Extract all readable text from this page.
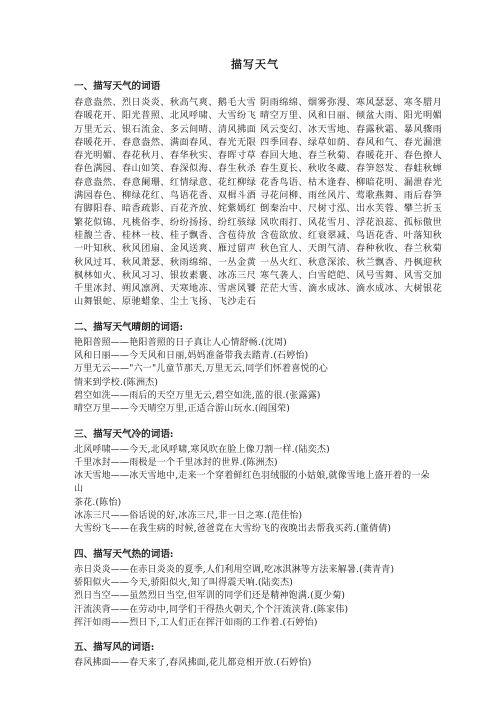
描写天气
一、描写天气的词语
春意盎然、烈日炎炎、秋高气爽、鹅毛大雪
春暖花开、阳光普照、北风呼啸、大雪纷飞
万里无云、银石流金、多云间晴、清风拂面
春暖花开、春意盎然、满面春风、春光无限
春光明媚、春花秋月、春华秋实、春晖寸草
春色满园、春山如笑、春深似海、春生秋杀
春意盎然、春意阑珊、红情绿意、花红柳绿
满园春色、柳绿花红、鸟语花香、双楫斗酒
有脚阳春、暗香疏影、百花齐放、姹紫嫣红
繁花似锦、凡桃俗李、纷纷扬扬、纷红骇绿
桂馥兰香、桂林一枝、桂子飘香、含苞待放
一叶知秋、秋风团扇、金风送爽、雁过留声
秋风过耳、秋风萧瑟、秋雨绵绵、一丛金黄
枫林如火、秋风习习、银妆素裹、冰冻三尺
千里冰封、朔风凛冽、天寒地冻、雪虐风饕
山舞银蛇、原驰蜡象、尘土飞扬、飞沙走石
阴雨绵绵、烟雾弥漫、寒风瑟瑟、寒冬腊月
晴空万里、风和日丽、倾盆大雨、阳光明媚
风云变幻、冰天雪地、春露秋霜、暴风骤雨
四季回春、绿草如荫、春风和气、春光漏泄
春回大地、春兰秋菊、春暖花开、春色撩人
春生夏长、秋收冬藏、春笋怒发、春蛙秋蝉
花香鸟语、枯木逢春、柳暗花明、漏泄春光
寻花问柳、雨丝风片、莺歌燕舞、雨后春笋
倒秦治中、尺树寸泓、出水芙蓉、攀兰折玉
风吹雨打、风花雪月、浮花浪蕊、孤标傲世
含苞欲放、红衰翠减、鸟语花香、叶落知秋
秋色宜人、天朗气清、春种秋收、春兰秋菊
一丛火红、秋意深浓、秋兰飘香、丹枫迎秋
寒气袭人、白雪皑皑、风号雪舞、风雪交加
茫茫大雪、滴水成冰、滴水成冰、大树银花
二、描写天气晴朗的词语:
艳阳普照——艳阳普照的日子真让人心情舒畅.(沈周)
风和日丽——今天风和日丽,妈妈准备带我去踏青.(石婷怡)
万里无云——"六一"儿童节那天,万里无云,同学们怀着喜悦的心
情来到学校.(陈洲杰)
碧空如洗——雨后的天空万里无云,碧空如洗,蓝的很.(张露露)
晴空万里——今天晴空万里,正适合游山玩水.(阎国荣)
三、描写天气冷的词语:
北风呼啸——今天,北风呼啸,寒风吹在脸上像刀割一样.(陆奕杰)
千里冰封——雨极是一个千里冰封的世界.(陈洲杰)
冰天雪地——冰天雪地中,走来一个穿着鲜红色羽绒服的小姑娘,就像雪地上盛开着的一朵山
茶花.(陈怡)
冰冻三尺——俗话说的好,冰冻三尺,非一日之寒.(范佳怡)
大雪纷飞——在我生病的时候,爸爸竟在大雪纷飞的夜晚出去帮我买药.(董倩倩)
四、描写天气热的词语:
赤日炎炎——在赤日炎炎的夏季,人们利用空调,吃冰淇淋等方法来解暑.(龚青青)
骄阳似火——今天,骄阳似火,知了叫得震天响.(陆奕杰)
烈日当空——虽然烈日当空,但军训的同学们还是精神饱满.(夏少菊)
汗流浃背——在劳动中,同学们干得热火朝天,个个汗流浃背.(陈家伟)
挥汗如雨——烈日下,工人们正在挥汗如雨的工作着.(石婷怡)
五、描写风的词语:
春风拂面——春天来了,春风拂面,花儿都竞相开放.(石婷怡)
